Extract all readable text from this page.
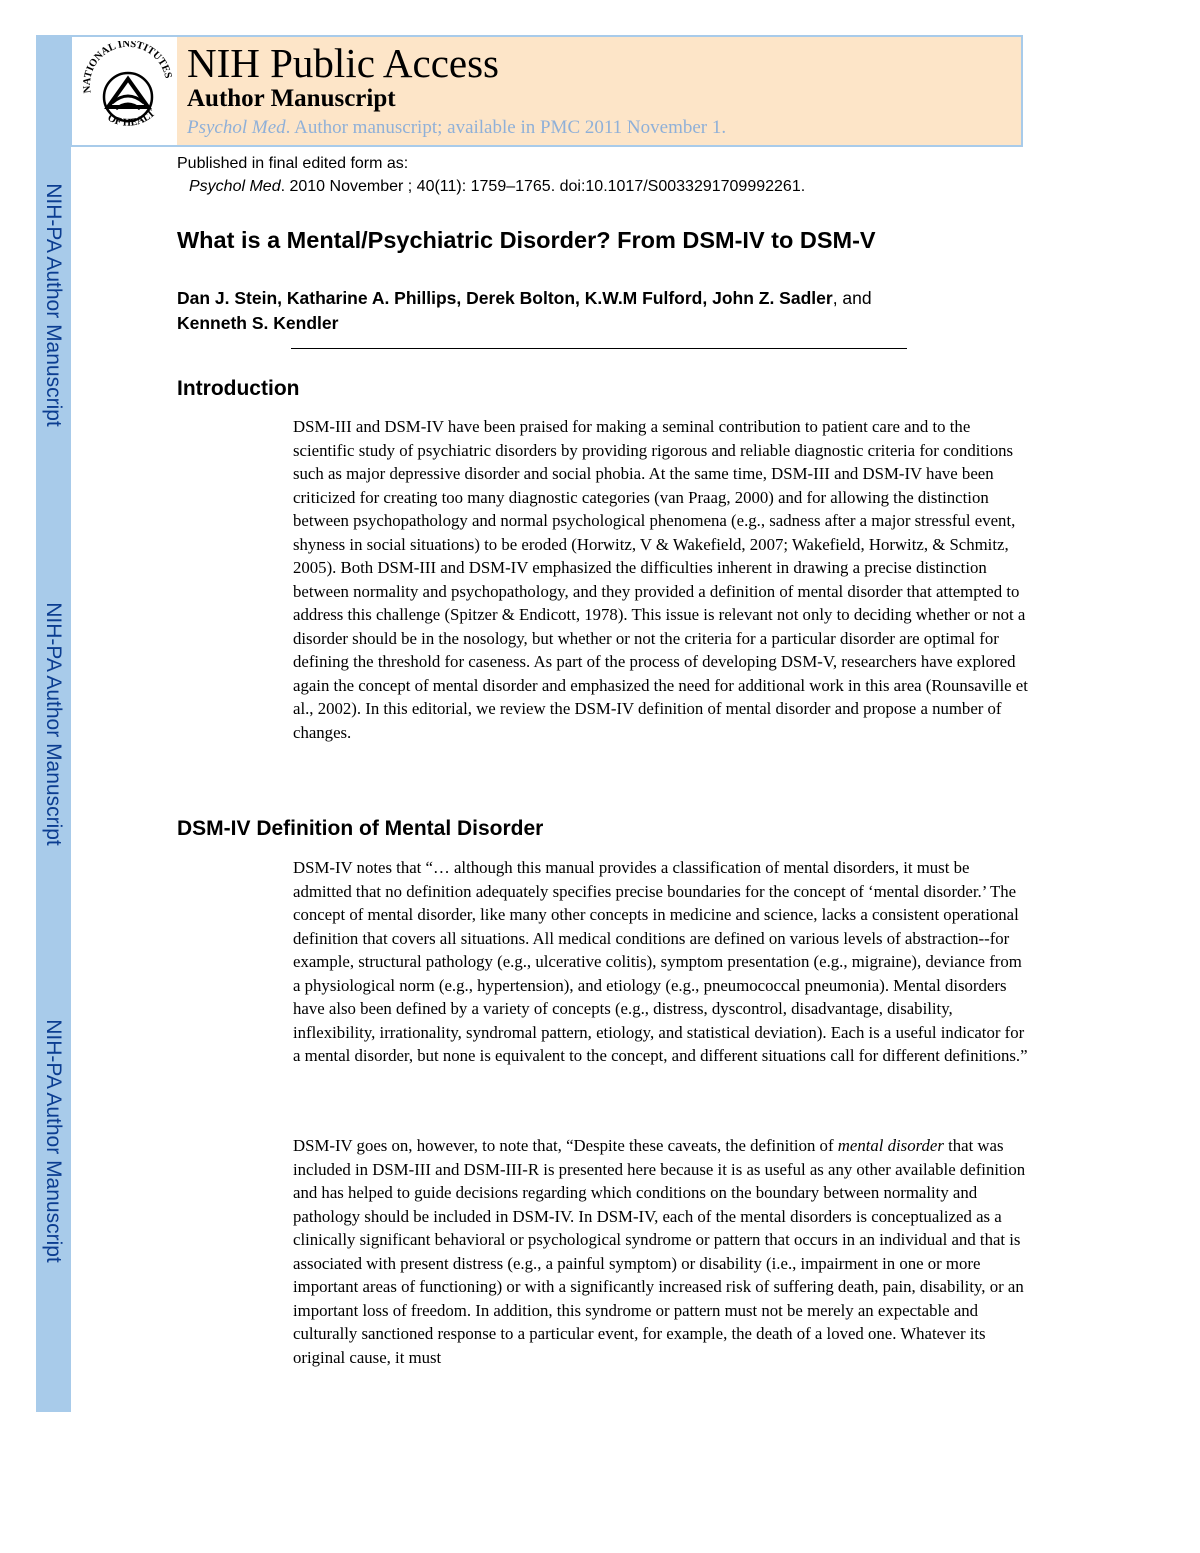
NIH-PA Author Manuscript
NIH-PA Author Manuscript
NIH-PA Author Manuscript
NATIONAL INSTITUTES
OF HEALT
NIH Public Access
Author Manuscript
Psychol Med. Author manuscript; available in PMC 2011 November 1.
Published in final edited form as:
Psychol Med. 2010 November ; 40(11): 1759–1765. doi:10.1017/S0033291709992261.
What is a Mental/Psychiatric Disorder? From DSM-IV to DSM-V
Dan J. Stein, Katharine A. Phillips, Derek Bolton, K.W.M Fulford, John Z. Sadler, and
Kenneth S. Kendler
Introduction
DSM-III and DSM-IV have been praised for making a seminal contribution to patient care and to the scientific study of psychiatric disorders by providing rigorous and reliable diagnostic criteria for conditions such as major depressive disorder and social phobia. At the same time, DSM-III and DSM-IV have been criticized for creating too many diagnostic categories (van Praag, 2000) and for allowing the distinction between psychopathology and normal psychological phenomena (e.g., sadness after a major stressful event, shyness in social situations) to be eroded (Horwitz, V & Wakefield, 2007; Wakefield, Horwitz, & Schmitz, 2005). Both DSM-III and DSM-IV emphasized the difficulties inherent in drawing a precise distinction between normality and psychopathology, and they provided a definition of mental disorder that attempted to address this challenge (Spitzer & Endicott, 1978). This issue is relevant not only to deciding whether or not a disorder should be in the nosology, but whether or not the criteria for a particular disorder are optimal for defining the threshold for caseness. As part of the process of developing DSM-V, researchers have explored again the concept of mental disorder and emphasized the need for additional work in this area (Rounsaville et al., 2002). In this editorial, we review the DSM-IV definition of mental disorder and propose a number of changes.
DSM-IV Definition of Mental Disorder
DSM-IV notes that “… although this manual provides a classification of mental disorders, it must be admitted that no definition adequately specifies precise boundaries for the concept of ‘mental disorder.’ The concept of mental disorder, like many other concepts in medicine and science, lacks a consistent operational definition that covers all situations. All medical conditions are defined on various levels of abstraction--for example, structural pathology (e.g., ulcerative colitis), symptom presentation (e.g., migraine), deviance from a physiological norm (e.g., hypertension), and etiology (e.g., pneumococcal pneumonia). Mental disorders have also been defined by a variety of concepts (e.g., distress, dyscontrol, disadvantage, disability, inflexibility, irrationality, syndromal pattern, etiology, and statistical deviation). Each is a useful indicator for a mental disorder, but none is equivalent to the concept, and different situations call for different definitions.”
DSM-IV goes on, however, to note that, “Despite these caveats, the definition of mental disorder that was included in DSM-III and DSM-III-R is presented here because it is as useful as any other available definition and has helped to guide decisions regarding which conditions on the boundary between normality and pathology should be included in DSM-IV. In DSM-IV, each of the mental disorders is conceptualized as a clinically significant behavioral or psychological syndrome or pattern that occurs in an individual and that is associated with present distress (e.g., a painful symptom) or disability (i.e., impairment in one or more important areas of functioning) or with a significantly increased risk of suffering death, pain, disability, or an important loss of freedom. In addition, this syndrome or pattern must not be merely an expectable and culturally sanctioned response to a particular event, for example, the death of a loved one. Whatever its original cause, it must
